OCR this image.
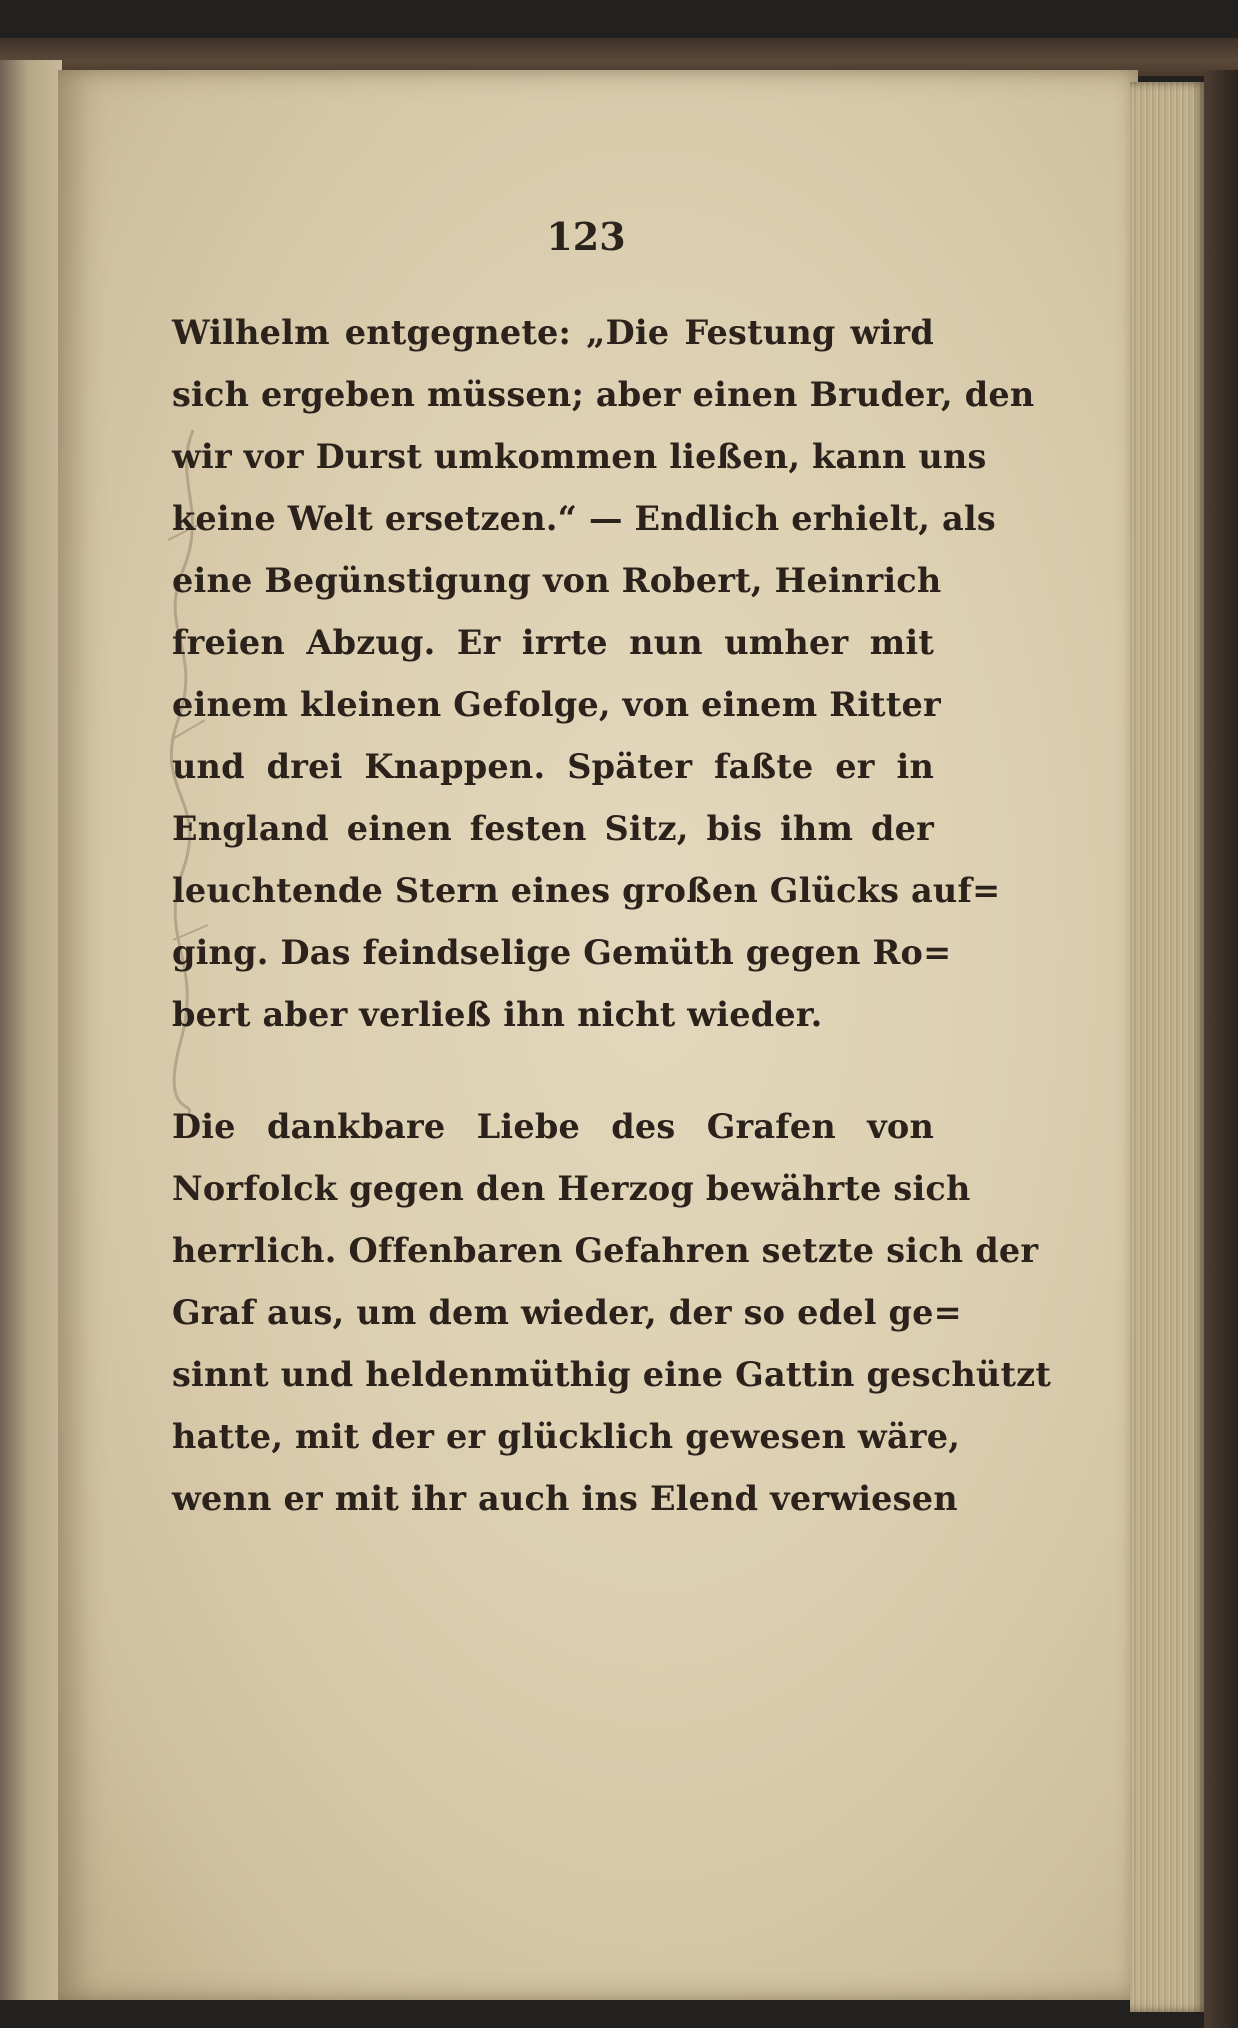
123
Wilhelm entgegnete: „Die Festung wird
sich ergeben müssen; aber einen Bruder, den
wir vor Durst umkommen ließen, kann uns
keine Welt ersetzen.“ — Endlich erhielt, als
eine Begünstigung von Robert, Heinrich
freien Abzug. Er irrte nun umher mit
einem kleinen Gefolge, von einem Ritter
und drei Knappen. Später faßte er in
England einen festen Sitz, bis ihm der
leuchtende Stern eines großen Glücks auf=
ging. Das feindselige Gemüth gegen Ro=
bert aber verließ ihn nicht wieder.
Die dankbare Liebe des Grafen von
Norfolck gegen den Herzog bewährte sich
herrlich. Offenbaren Gefahren setzte sich der
Graf aus, um dem wieder, der so edel ge=
sinnt und heldenmüthig eine Gattin geschützt
hatte, mit der er glücklich gewesen wäre,
wenn er mit ihr auch ins Elend verwiesen
